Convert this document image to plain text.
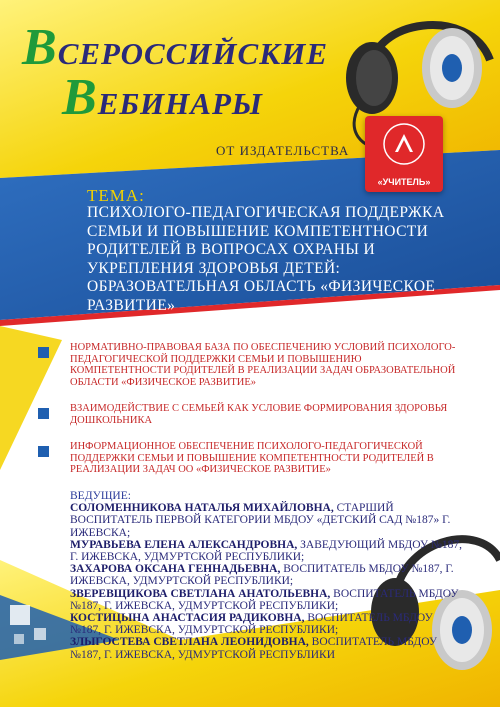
ВСЕРОССИЙСКИЕ
ВЕБИНАРЫ
ОТ ИЗДАТЕЛЬСТВА
«УЧИТЕЛЬ»
ТЕМА:
ПСИХОЛОГО-ПЕДАГОГИЧЕСКАЯ ПОДДЕРЖКА СЕМЬИ И ПОВЫШЕНИЕ КОМПЕТЕНТНОСТИ РОДИТЕЛЕЙ В ВОПРОСАХ ОХРАНЫ И УКРЕПЛЕНИЯ ЗДОРОВЬЯ ДЕТЕЙ: ОБРАЗОВАТЕЛЬНАЯ ОБЛАСТЬ «ФИЗИЧЕСКОЕ РАЗВИТИЕ»
НОРМАТИВНО-ПРАВОВАЯ БАЗА ПО ОБЕСПЕЧЕНИЮ УСЛОВИЙ ПСИХОЛОГО-ПЕДАГОГИЧЕСКОЙ ПОДДЕРЖКИ СЕМЬИ И ПОВЫШЕНИЮ КОМПЕТЕНТНОСТИ РОДИТЕЛЕЙ В РЕАЛИЗАЦИИ ЗАДАЧ ОБРАЗОВАТЕЛЬНОЙ ОБЛАСТИ «ФИЗИЧЕСКОЕ РАЗВИТИЕ»
ВЗАИМОДЕЙСТВИЕ С СЕМЬЕЙ КАК УСЛОВИЕ ФОРМИРОВАНИЯ ЗДОРОВЬЯ ДОШКОЛЬНИКА
ИНФОРМАЦИОННОЕ ОБЕСПЕЧЕНИЕ ПСИХОЛОГО-ПЕДАГОГИЧЕСКОЙ ПОДДЕРЖКИ СЕМЬИ И ПОВЫШЕНИЕ КОМПЕТЕНТНОСТИ РОДИТЕЛЕЙ В РЕАЛИЗАЦИИ ЗАДАЧ ОО «ФИЗИЧЕСКОЕ РАЗВИТИЕ»
ВЕДУЩИЕ:
СОЛОМЕННИКОВА НАТАЛЬЯ МИХАЙЛОВНА, СТАРШИЙ ВОСПИТАТЕЛЬ ПЕРВОЙ КАТЕГОРИИ МБДОУ «ДЕТСКИЙ САД №187» Г. ИЖЕВСКА;
МУРАВЬЕВА ЕЛЕНА АЛЕКСАНДРОВНА, ЗАВЕДУЮЩИЙ МБДОУ №187, Г. ИЖЕВСКА, УДМУРТСКОЙ РЕСПУБЛИКИ;
ЗАХАРОВА ОКСАНА ГЕННАДЬЕВНА, ВОСПИТАТЕЛЬ МБДОУ №187, Г. ИЖЕВСКА, УДМУРТСКОЙ РЕСПУБЛИКИ;
ЗВЕРЕВЩИКОВА СВЕТЛАНА АНАТОЛЬЕВНА, ВОСПИТАТЕЛЬ МБДОУ №187, Г. ИЖЕВСКА, УДМУРТСКОЙ РЕСПУБЛИКИ;
КОСТИЦЫНА АНАСТАСИЯ РАДИКОВНА, ВОСПИТАТЕЛЬ МБДОУ №187, Г. ИЖЕВСКА, УДМУРТСКОЙ РЕСПУБЛИКИ;
ЗЛЫГОСТЕВА СВЕТЛАНА ЛЕОНИДОВНА, ВОСПИТАТЕЛЬ МБДОУ №187, Г. ИЖЕВСКА, УДМУРТСКОЙ РЕСПУБЛИКИ
